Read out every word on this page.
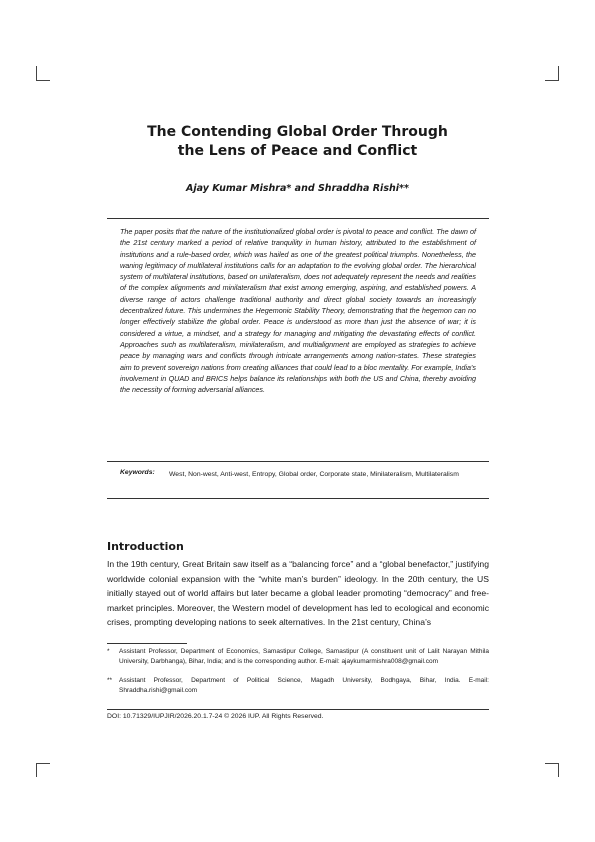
The Contending Global Order Through
the Lens of Peace and Conflict
Ajay Kumar Mishra* and Shraddha Rishi**

The paper posits that the nature of the institutionalized global order is pivotal to peace and conflict. The dawn of the 21st century marked a period of relative tranquility in human history, attributed to the establishment of institutions and a rule-based order, which was hailed as one of the greatest political triumphs. Nonetheless, the waning legitimacy of multilateral institutions calls for an adaptation to the evolving global order. The hierarchical system of multilateral institutions, based on unilateralism, does not adequately represent the needs and realities of the complex alignments and minilateralism that exist among emerging, aspiring, and established powers. A diverse range of actors challenge traditional authority and direct global society towards an increasingly decentralized future. This undermines the Hegemonic Stability Theory, demonstrating that the hegemon can no longer effectively stabilize the global order. Peace is understood as more than just the absence of war; it is considered a virtue, a mindset, and a strategy for managing and mitigating the devastating effects of conflict. Approaches such as multilateralism, minilateralism, and multialignment are employed as strategies to achieve peace by managing wars and conflicts through intricate arrangements among nation-states. These strategies aim to prevent sovereign nations from creating alliances that could lead to a bloc mentality. For example, India's involvement in QUAD and BRICS helps balance its relationships with both the US and China, thereby avoiding the necessity of forming adversarial alliances.

Keywords: West, Non-west, Anti-west, Entropy, Global order, Corporate state, Minilateralism, Multilateralism

Introduction

In the 19th century, Great Britain saw itself as a “balancing force” and a “global benefactor,” justifying worldwide colonial expansion with the “white man’s burden” ideology. In the 20th century, the US initially stayed out of world affairs but later became a global leader promoting “democracy” and free-market principles. Moreover, the Western model of development has led to ecological and economic crises, prompting developing nations to seek alternatives. In the 21st century, China’s

* Assistant Professor, Department of Economics, Samastipur College, Samastipur (A constituent unit of Lalit Narayan Mithila University, Darbhanga), Bihar, India; and is the corresponding author. E-mail: ajaykumarmishra008@gmail.com
** Assistant Professor, Department of Political Science, Magadh University, Bodhgaya, Bihar, India. E-mail: Shraddha.rishi@gmail.com

DOI: 10.71329/IUPJIR/2026.20.1.7-24 © 2026 IUP. All Rights Reserved.
